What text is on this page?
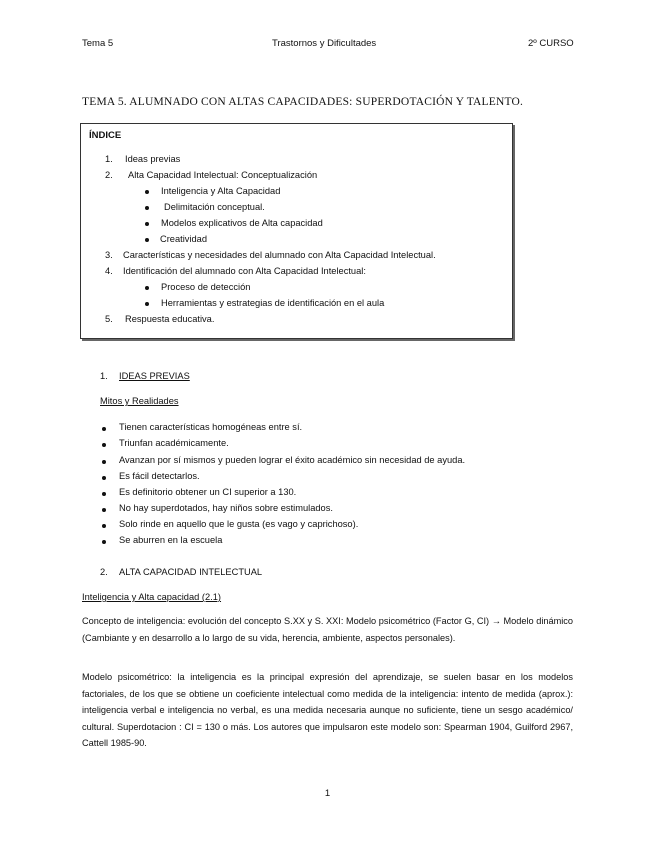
Tema 5	Trastornos y Dificultades	2º CURSO
TEMA 5. ALUMNADO CON ALTAS CAPACIDADES: SUPERDOTACIÓN Y TALENTO.
ÍNDICE
1. Ideas previas
2. Alta Capacidad Intelectual: Conceptualización
Inteligencia y Alta Capacidad
Delimitación conceptual.
Modelos explicativos de Alta capacidad
Creatividad
3. Características y necesidades del alumnado con Alta Capacidad Intelectual.
4. Identificación del alumnado con Alta Capacidad Intelectual:
Proceso de detección
Herramientas y estrategias de identificación en el aula
5. Respuesta educativa.
1. IDEAS PREVIAS
Mitos y Realidades
Tienen características homogéneas entre sí.
Triunfan académicamente.
Avanzan por sí mismos y pueden lograr el éxito académico sin necesidad de ayuda.
Es fácil detectarlos.
Es definitorio obtener un CI superior a 130.
No hay superdotados, hay niños sobre estimulados.
Solo rinde en aquello que le gusta (es vago y caprichoso).
Se aburren en la escuela
2. ALTA CAPACIDAD INTELECTUAL
Inteligencia y Alta capacidad (2.1)
Concepto de inteligencia: evolución del concepto S.XX y S. XXI: Modelo psicométrico (Factor G, CI) → Modelo dinámico (Cambiante y en desarrollo a lo largo de su vida, herencia, ambiente, aspectos personales).
Modelo psicométrico: la inteligencia es la principal expresión del aprendizaje, se suelen basar en los modelos factoriales, de los que se obtiene un coeficiente intelectual como medida de la inteligencia: intento de medida (aprox.): inteligencia verbal e inteligencia no verbal, es una medida necesaria aunque no suficiente, tiene un sesgo académico/ cultural. Superdotacion : CI = 130 o más. Los autores que impulsaron este modelo son: Spearman 1904, Guilford 2967, Cattell 1985-90.
1
